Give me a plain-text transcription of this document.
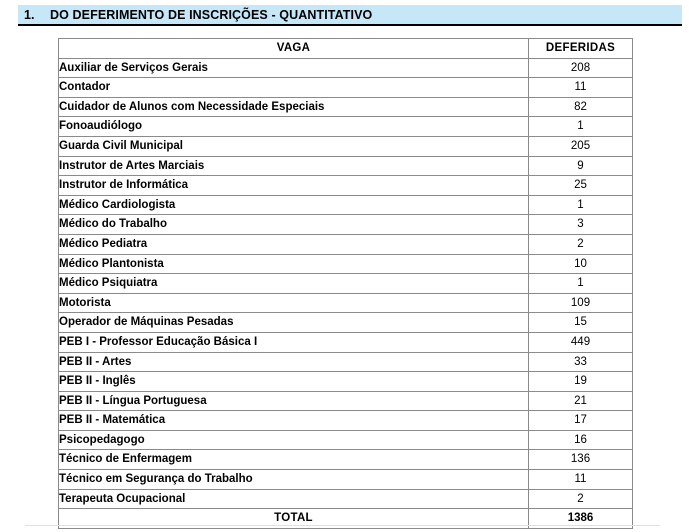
1.	DO DEFERIMENTO DE INSCRIÇÕES - QUANTITATIVO
VAGA	DEFERIDAS
Auxiliar de Serviços Gerais	208
Contador	11
Cuidador de Alunos com Necessidade Especiais	82
Fonoaudiólogo	1
Guarda Civil Municipal	205
Instrutor de Artes Marciais	9
Instrutor de Informática	25
Médico Cardiologista	1
Médico do Trabalho	3
Médico Pediatra	2
Médico Plantonista	10
Médico Psiquiatra	1
Motorista	109
Operador de Máquinas Pesadas	15
PEB I - Professor Educação Básica I	449
PEB II - Artes	33
PEB II - Inglês	19
PEB II - Língua Portuguesa	21
PEB II - Matemática	17
Psicopedagogo	16
Técnico de Enfermagem	136
Técnico em Segurança do Trabalho	11
Terapeuta Ocupacional	2
TOTAL	1386
